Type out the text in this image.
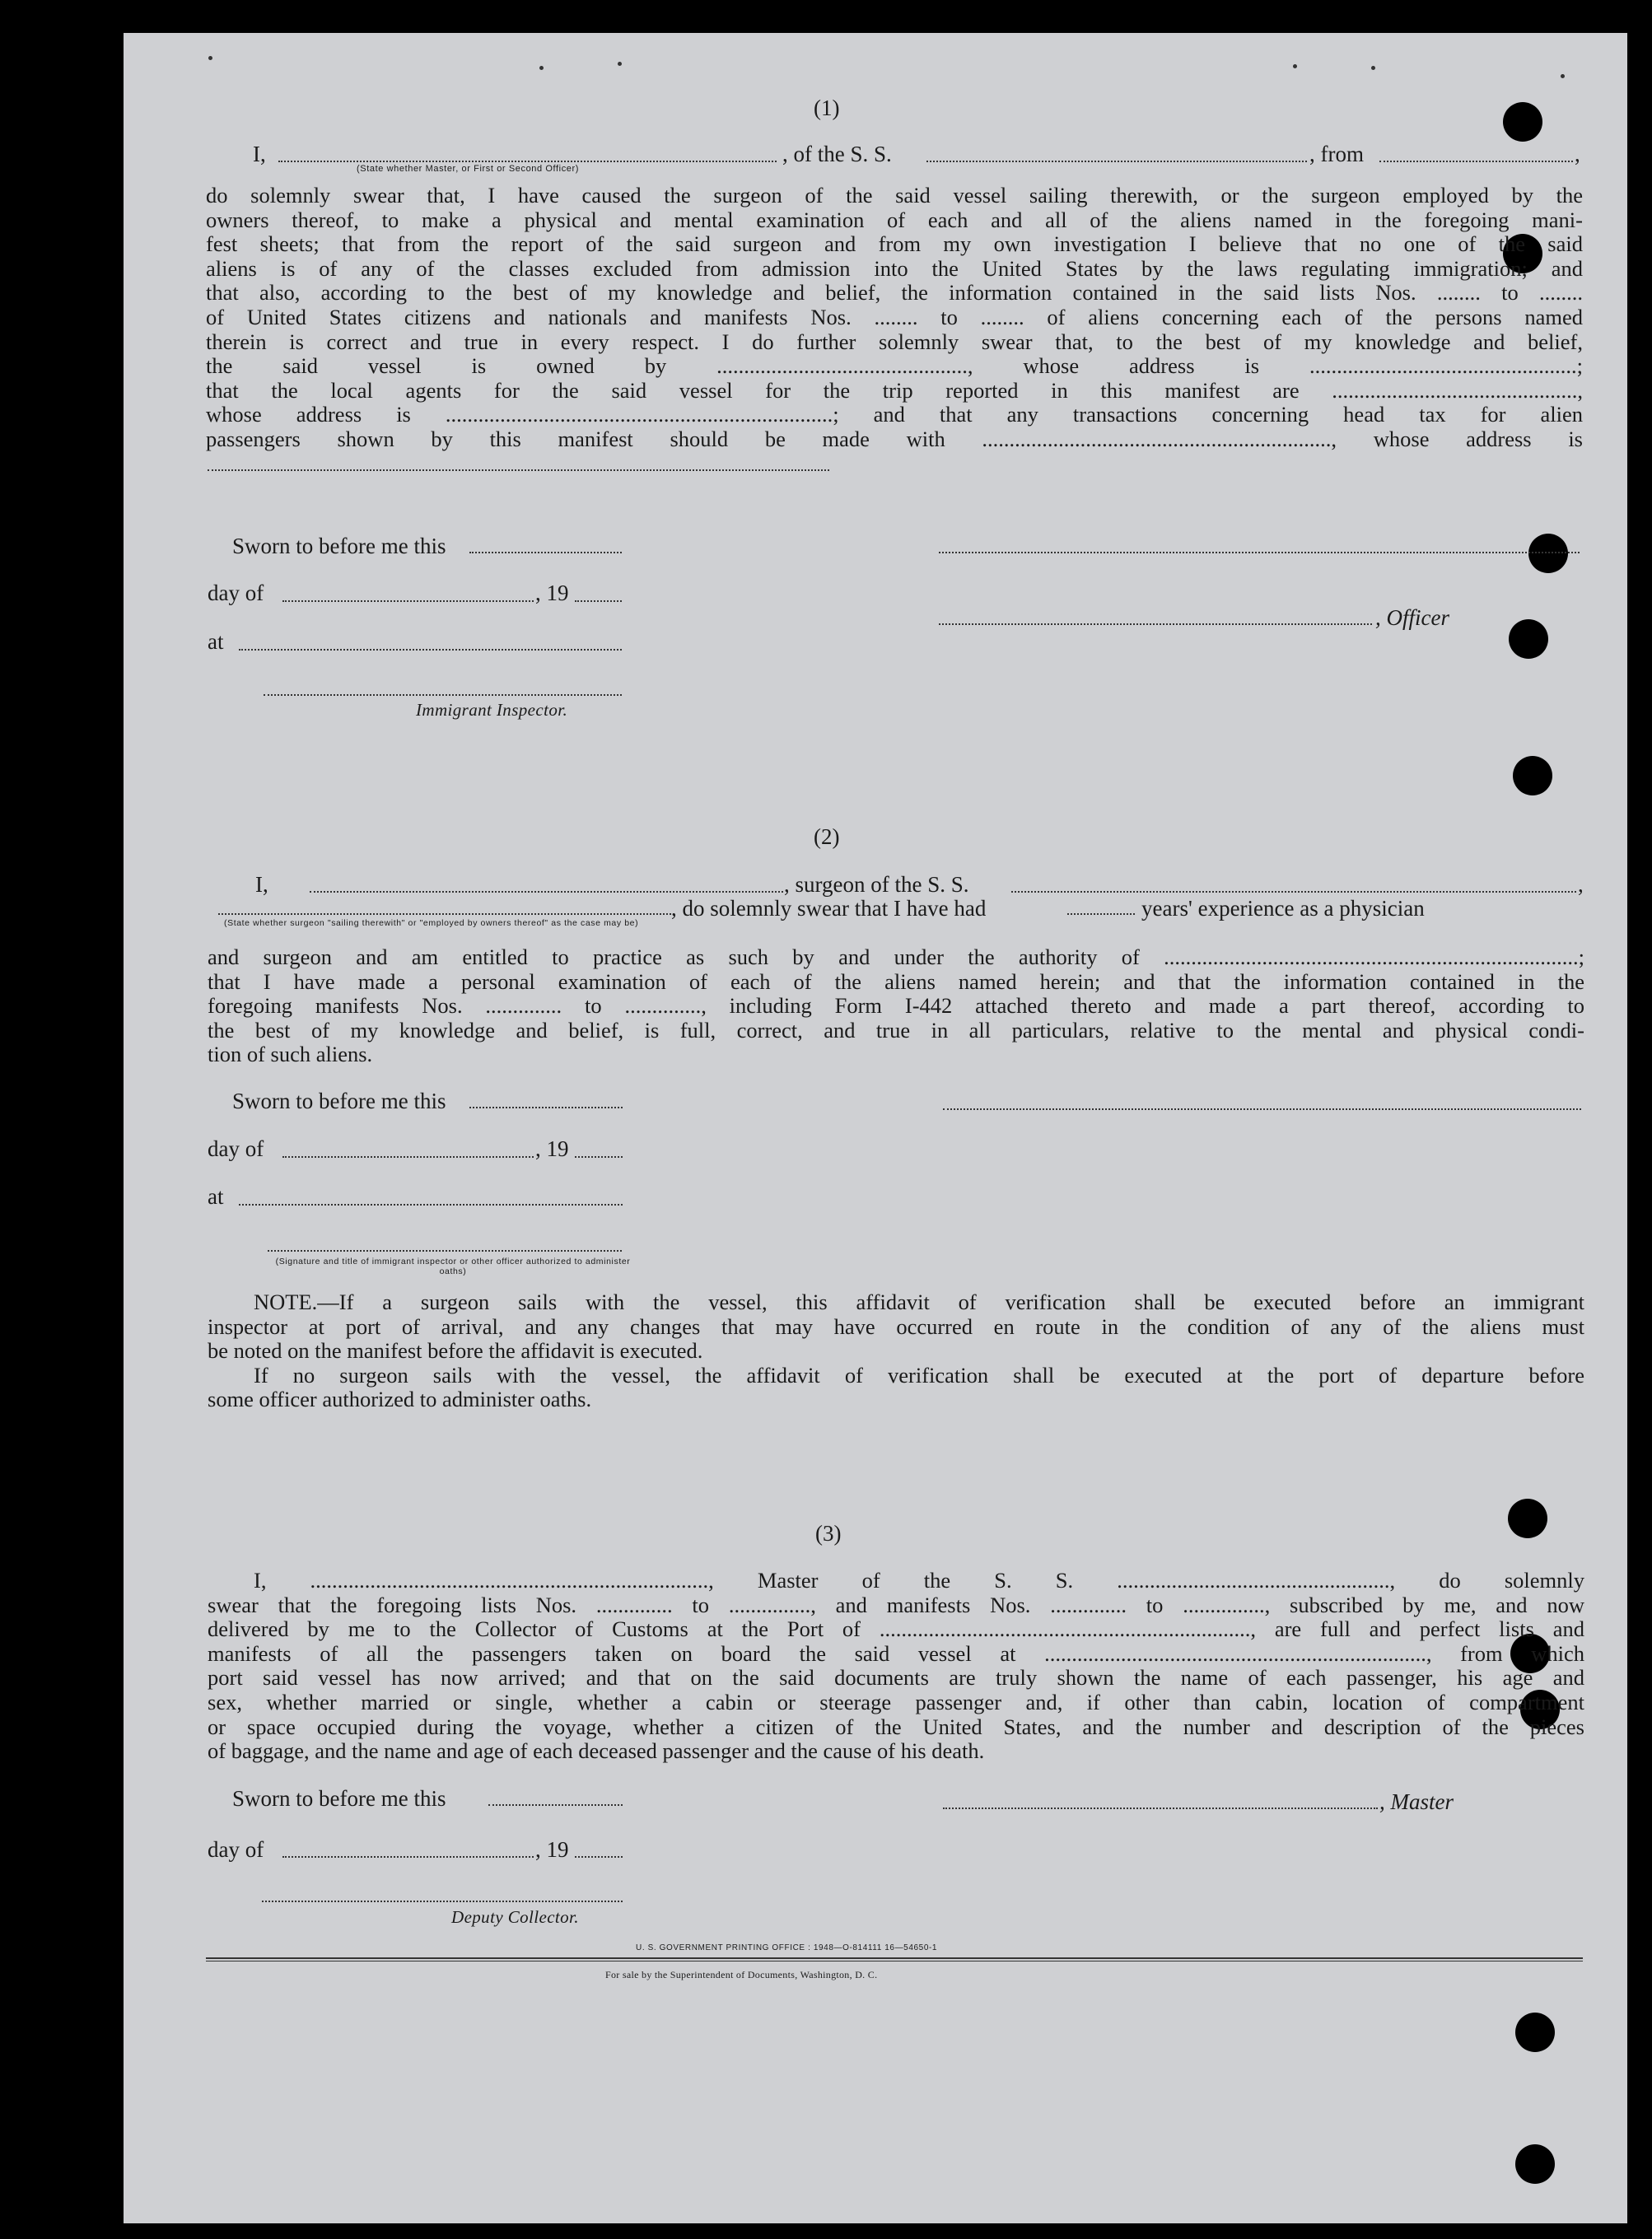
(1)
I,	, of the S. S.	, from	,
(State whether Master, or First or Second Officer)
do solemnly swear that, I have caused the surgeon of the said vessel sailing therewith, or the surgeon employed by the
owners thereof, to make a physical and mental examination of each and all of the aliens named in the foregoing mani-
fest sheets; that from the report of the said surgeon and from my own investigation I believe that no one of the said
aliens is of any of the classes excluded from admission into the United States by the laws regulating immigration; and
that also, according to the best of my knowledge and belief, the information contained in the said lists Nos. ........ to ........
of United States citizens and nationals and manifests Nos. ........ to ........ of aliens concerning each of the persons named
therein is correct and true in every respect. I do further solemnly swear that, to the best of my knowledge and belief,
the said vessel is owned by .............................................., whose address is .................................................;
that the local agents for the said vessel for the trip reported in this manifest are .............................................,
whose address is .......................................................................; and that any transactions concerning head tax for alien
passengers shown by this manifest should be made with ................................................................, whose address is
Sworn to before me this
day of	, 19
, Officer
at
Immigrant Inspector.
(2)
I,	, surgeon of the S. S.	,
, do solemnly swear that I have had	years' experience as a physician
(State whether surgeon "sailing therewith" or "employed by owners thereof" as the case may be)
and surgeon and am entitled to practice as such by and under the authority of ............................................................................;
that I have made a personal examination of each of the aliens named herein; and that the information contained in the
foregoing manifests Nos. .............. to .............., including Form I-442 attached thereto and made a part thereof, according to
the best of my knowledge and belief, is full, correct, and true in all particulars, relative to the mental and physical condi-
tion of such aliens.
Sworn to before me this
day of	, 19
at
(Signature and title of immigrant inspector or other officer authorized to administer oaths)
NOTE.—If a surgeon sails with the vessel, this affidavit of verification shall be executed before an immigrant
inspector at port of arrival, and any changes that may have occurred en route in the condition of any of the aliens must
be noted on the manifest before the affidavit is executed.
If no surgeon sails with the vessel, the affidavit of verification shall be executed at the port of departure before
some officer authorized to administer oaths.
(3)
I, ........................................................................., Master of the S. S. .................................................., do solemnly
swear that the foregoing lists Nos. .............. to ..............., and manifests Nos. .............. to ..............., subscribed by me, and now
delivered by me to the Collector of Customs at the Port of ...................................................................., are full and perfect lists and
manifests of all the passengers taken on board the said vessel at ......................................................................, from which
port said vessel has now arrived; and that on the said documents are truly shown the name of each passenger, his age and
sex, whether married or single, whether a cabin or steerage passenger and, if other than cabin, location of compartment
or space occupied during the voyage, whether a citizen of the United States, and the number and description of the pieces
of baggage, and the name and age of each deceased passenger and the cause of his death.
Sworn to before me this	, Master
day of	, 19
Deputy Collector.
U. S. GOVERNMENT PRINTING OFFICE : 1948—O-814111 16—54650-1
For sale by the Superintendent of Documents, Washington, D. C.
